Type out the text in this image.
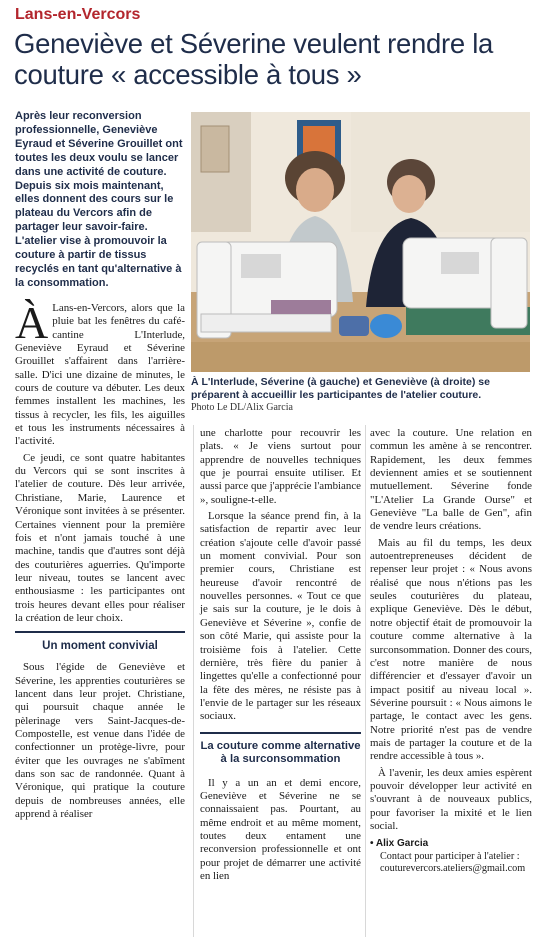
Lans-en-Vercors
Geneviève et Séverine veulent rendre la couture « accessible à tous »

Après leur reconversion professionnelle, Geneviève Eyraud et Séverine Grouillet ont toutes les deux voulu se lancer dans une activité de couture. Depuis six mois maintenant, elles donnent des cours sur le plateau du Vercors afin de partager leur savoir-faire. L'atelier vise à promouvoir la couture à partir de tissus recyclés en tant qu'alternative à la consommation.

À L'Interlude, Séverine (à gauche) et Geneviève (à droite) se préparent à accueillir les participantes de l'atelier couture.

Photo Le DL/Alix Garcia

À Lans-en-Vercors, alors que la pluie bat les fenêtres du café-cantine L'Interlude, Geneviève Eyraud et Séverine Grouillet s'affairent dans l'arrière-salle. D'ici une dizaine de minutes, le cours de couture va débuter. Les deux femmes installent les machines, les tissus à recycler, les fils, les aiguilles et tous les instruments nécessaires à l'activité.

Ce jeudi, ce sont quatre habitantes du Vercors qui se sont inscrites à l'atelier de couture. Dès leur arrivée, Christiane, Marie, Laurence et Véronique sont invitées à se présenter. Certaines viennent pour la première fois et n'ont jamais touché à une machine, tandis que d'autres sont déjà des couturières aguerries. Qu'importe leur niveau, toutes se lancent avec enthousiasme : les participantes ont trois heures devant elles pour réaliser la création de leur choix.

Un moment convivial

Sous l'égide de Geneviève et Séverine, les apprenties couturières se lancent dans leur projet. Christiane, qui poursuit chaque année le pèlerinage vers Saint-Jacques-de-Compostelle, est venue dans l'idée de confectionner un protège-livre, pour éviter que les ouvrages ne s'abîment dans son sac de randonnée. Quant à Véronique, qui pratique la couture depuis de nombreuses années, elle apprend à réaliser

une charlotte pour recouvrir les plats. « Je viens surtout pour apprendre de nouvelles techniques que je pourrai ensuite utiliser. Et aussi parce que j'apprécie l'ambiance », souligne-t-elle.

Lorsque la séance prend fin, à la satisfaction de repartir avec leur création s'ajoute celle d'avoir passé un moment convivial. Pour son premier cours, Christiane est heureuse d'avoir rencontré de nouvelles personnes. « Tout ce que je sais sur la couture, je le dois à Geneviève et Séverine », confie de son côté Marie, qui assiste pour la troisième fois à l'atelier. Cette dernière, très fière du panier à lingettes qu'elle a confectionné pour la fête des mères, ne résiste pas à l'envie de le partager sur les réseaux sociaux.

La couture comme alternative à la surconsommation

Il y a un an et demi encore, Geneviève et Séverine ne se connaissaient pas. Pourtant, au même endroit et au même moment, toutes deux entament une reconversion professionnelle et ont pour projet de démarrer une activité en lien

avec la couture. Une relation en commun les amène à se rencontrer. Rapidement, les deux femmes deviennent amies et se soutiennent mutuellement. Séverine fonde "L'Atelier La Grande Ourse" et Geneviève "La balle de Gen", afin de vendre leurs créations.

Mais au fil du temps, les deux autoentrepreneuses décident de repenser leur projet : « Nous avons réalisé que nous n'étions pas les seules couturières du plateau, explique Geneviève. Dès le début, notre objectif était de promouvoir la couture comme alternative à la surconsommation. Donner des cours, c'est notre manière de nous différencier et d'essayer d'avoir un impact positif au niveau local ». Séverine poursuit : « Nous aimons le partage, le contact avec les gens. Notre priorité n'est pas de vendre mais de partager la couture et de la rendre accessible à tous ».

À l'avenir, les deux amies espèrent pouvoir développer leur activité en s'ouvrant à de nouveaux publics, pour favoriser la mixité et le lien social.

• Alix Garcia
Contact pour participer à l'atelier : couturevercors.ateliers@gmail.com
